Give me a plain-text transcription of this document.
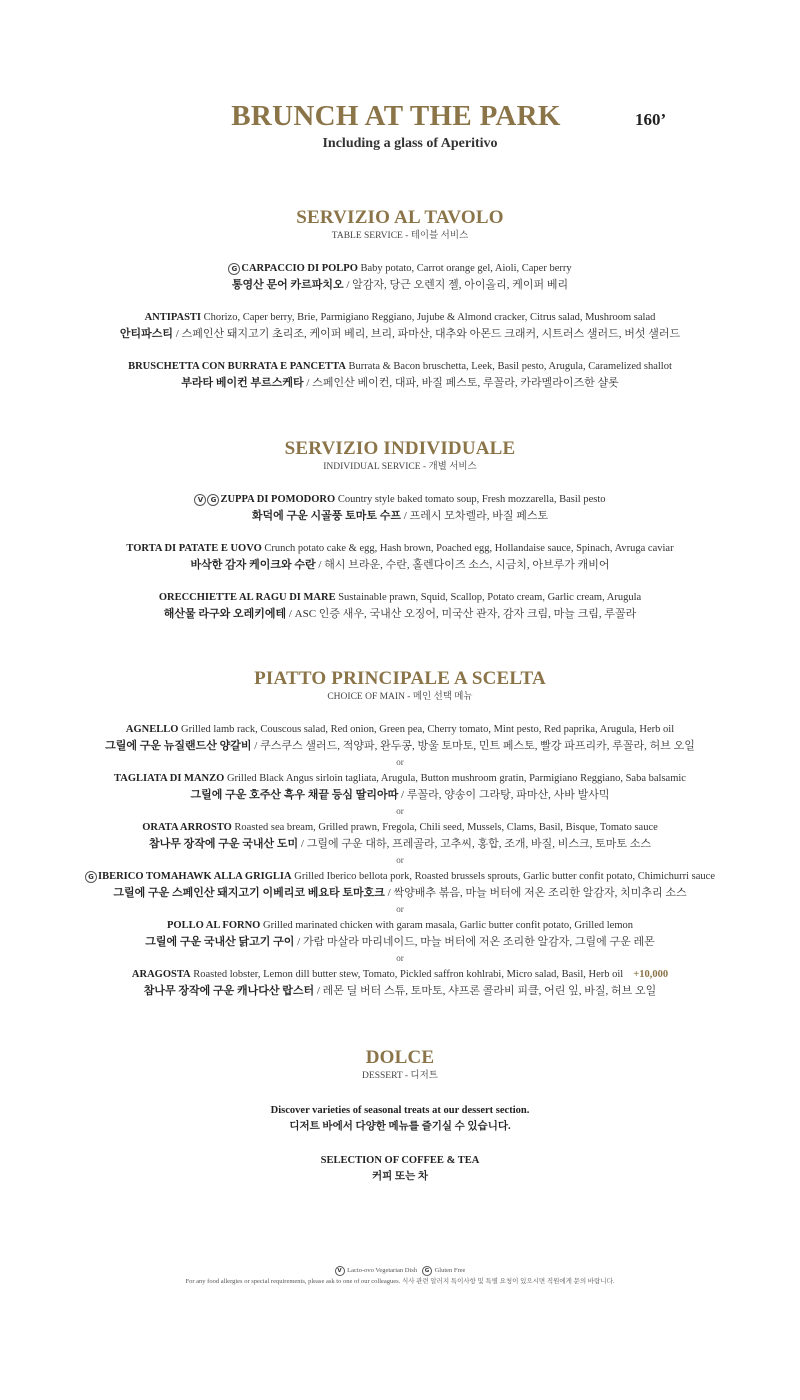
BRUNCH AT THE PARK	160’
Including a glass of Aperitivo
SERVIZIO AL TAVOLO
TABLE SERVICE - 테이블 서비스
G CARPACCIO DI POLPO Baby potato, Carrot orange gel, Aioli, Caper berry
통영산 문어 카르파치오 / 알감자, 당근 오렌지 젤, 아이올리, 케이퍼 베리
ANTIPASTI Chorizo, Caper berry, Brie, Parmigiano Reggiano, Jujube & Almond cracker, Citrus salad, Mushroom salad
안티파스티 / 스페인산 돼지고기 초리조, 케이퍼 베리, 브리, 파마산, 대추와 아몬드 크래커, 시트러스 샐러드, 버섯 샐러드
BRUSCHETTA CON BURRATA E PANCETTA Burrata & Bacon bruschetta, Leek, Basil pesto, Arugula, Caramelized shallot
부라타 베이컨 부르스케타 / 스페인산 베이컨, 대파, 바질 페스토, 루꼴라, 카라멜라이즈한 샬롯
SERVIZIO INDIVIDUALE
INDIVIDUAL SERVICE - 개별 서비스
V G ZUPPA DI POMODORO Country style baked tomato soup, Fresh mozzarella, Basil pesto
화덕에 구운 시골풍 토마토 수프 / 프레시 모차렐라, 바질 페스토
TORTA DI PATATE E UOVO Crunch potato cake & egg, Hash brown, Poached egg, Hollandaise sauce, Spinach, Avruga caviar
바삭한 감자 케이크와 수란 / 해시 브라운, 수란, 홀렌다이즈 소스, 시금치, 아브루가 캐비어
ORECCHIETTE AL RAGU DI MARE Sustainable prawn, Squid, Scallop, Potato cream, Garlic cream, Arugula
해산물 라구와 오레키에테 / ASC 인증 새우, 국내산 오징어, 미국산 관자, 감자 크림, 마늘 크림, 루꼴라
PIATTO PRINCIPALE A SCELTA
CHOICE OF MAIN - 메인 선택 메뉴
AGNELLO Grilled lamb rack, Couscous salad, Red onion, Green pea, Cherry tomato, Mint pesto, Red paprika, Arugula, Herb oil
그릴에 구운 뉴질랜드산 양갈비 / 쿠스쿠스 샐러드, 적양파, 완두콩, 방울 토마토, 민트 페스토, 빨강 파프리카, 루꼴라, 허브 오일
or
TAGLIATA DI MANZO Grilled Black Angus sirloin tagliata, Arugula, Button mushroom gratin, Parmigiano Reggiano, Saba balsamic
그릴에 구운 호주산 흑우 채끝 등심 딸리아따 / 루꼴라, 양송이 그라탕, 파마산, 사바 발사믹
or
ORATA ARROSTO Roasted sea bream, Grilled prawn, Fregola, Chili seed, Mussels, Clams, Basil, Bisque, Tomato sauce
참나무 장작에 구운 국내산 도미 / 그릴에 구운 대하, 프레골라, 고추씨, 홍합, 조개, 바질, 비스크, 토마토 소스
or
G IBERICO TOMAHAWK ALLA GRIGLIA Grilled Iberico bellota pork, Roasted brussels sprouts, Garlic butter confit potato, Chimichurri sauce
그릴에 구운 스페인산 돼지고기 이베리코 베요타 토마호크 / 싹양배추 볶음, 마늘 버터에 저온 조리한 알감자, 치미추리 소스
or
POLLO AL FORNO Grilled marinated chicken with garam masala, Garlic butter confit potato, Grilled lemon
그릴에 구운 국내산 닭고기 구이 / 가람 마살라 마리네이드, 마늘 버터에 저온 조리한 알감자, 그릴에 구운 레몬
or
ARAGOSTA Roasted lobster, Lemon dill butter stew, Tomato, Pickled saffron kohlrabi, Micro salad, Basil, Herb oil +10,000
참나무 장작에 구운 캐나다산 랍스터 / 레몬 딜 버터 스튜, 토마토, 샤프론 콜라비 피클, 어린 잎, 바질, 허브 오일
DOLCE
DESSERT - 디저트
Discover varieties of seasonal treats at our dessert section.
디저트 바에서 다양한 메뉴를 즐기실 수 있습니다.
SELECTION OF COFFEE & TEA
커피 또는 차
V Lacto-ovo Vegetarian Dish G Gluten Free
For any food allergies or special requirements, please ask to one of our colleagues. 식사 관련 알러지 특이사항 및 특별 요청이 있으시면 직원에게 문의 바랍니다.
